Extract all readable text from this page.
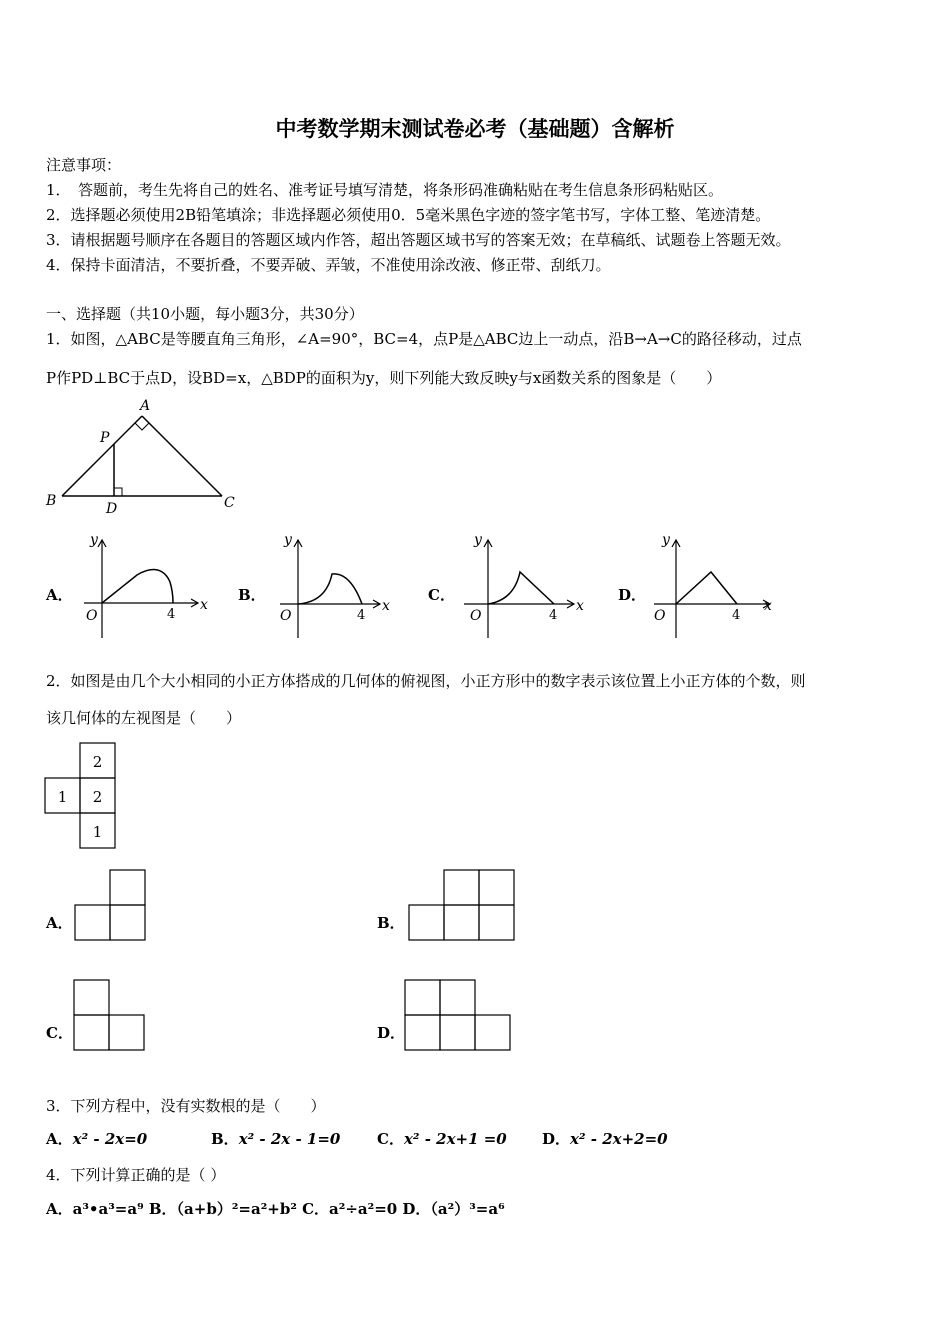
中考数学期末测试卷必考（基础题）含解析
注意事项：
1．　答题前，考生先将自己的姓名、准考证号填写清楚，将条形码准确粘贴在考生信息条形码粘贴区。
2．选择题必须使用2B铅笔填涂；非选择题必须使用0．5毫米黑色字迹的签字笔书写，字体工整、笔迹清楚。
3．请根据题号顺序在各题目的答题区域内作答，超出答题区域书写的答案无效；在草稿纸、试题卷上答题无效。
4．保持卡面清洁，不要折叠，不要弄破、弄皱，不准使用涂改液、修正带、刮纸刀。
一、选择题（共10小题，每小题3分，共30分）
1．如图，△ABC是等腰直角三角形，∠A=90°，BC=4，点P是△ABC边上一动点，沿B→A→C的路径移动，过点
P作PD⊥BC于点D，设BD=x，△BDP的面积为y，则下列能大致反映y与x函数关系的图象是（　　）
A
P
B	D	C
A．	B．	C．	D．
x
y
O	4
x
y
O	4
x
y
O	4
x
y
O	4
2．如图是由几个大小相同的小正方体搭成的几何体的俯视图，小正方形中的数字表示该位置上小正方体的个数，则
该几何体的左视图是（　　）
2
1 2
1
A．	B．
C．	D．
3．下列方程中，没有实数根的是（　　）
A．x² - 2x=0	B．x² - 2x - 1=0 C．x² - 2x+1 =0 D．x² - 2x+2=0
4．下列计算正确的是（ ）
A．a³•a³=a⁹ B．（a+b）²=a²+b² C．a²÷a²=0 D．（a²）³=a⁶
